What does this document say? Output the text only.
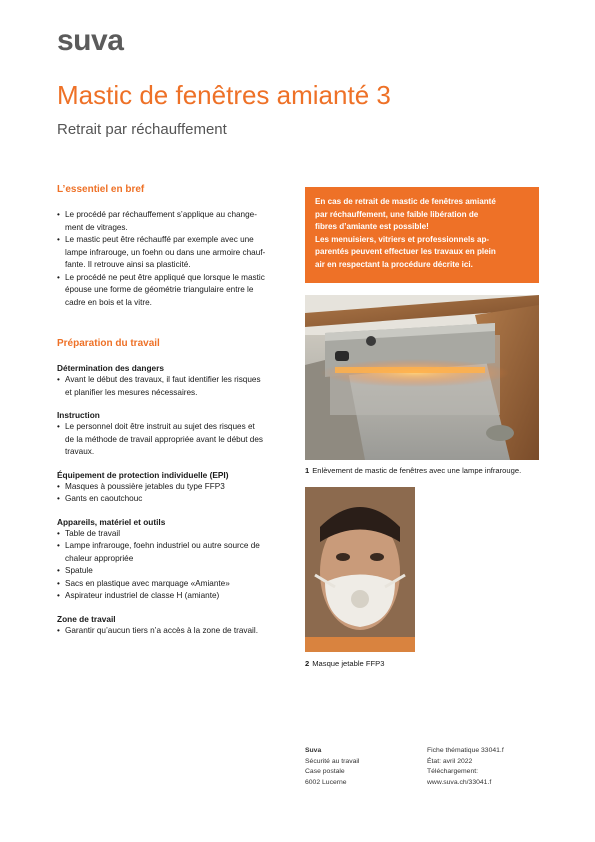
suva
Mastic de fenêtres amianté 3
Retrait par réchauffement
L’essentiel en bref
• Le procédé par réchauffement s’applique au change-
ment de vitrages.
• Le mastic peut être réchauffé par exemple avec une
lampe infrarouge, un foehn ou dans une armoire chauf-
fante. Il retrouve ainsi sa plasticité.
• Le procédé ne peut être appliqué que lorsque le mastic
épouse une forme de géométrie triangulaire entre le
cadre en bois et la vitre.
En cas de retrait de mastic de fenêtres amianté
par réchauffement, une faible libération de
fibres d’amiante est possible!
Les menuisiers, vitriers et professionnels ap-
parentés peuvent effectuer les travaux en plein
air en respectant la procédure décrite ici.
Préparation du travail
Détermination des dangers
• Avant le début des travaux, il faut identifier les risques
et planifier les mesures nécessaires.
Instruction
• Le personnel doit être instruit au sujet des risques et
de la méthode de travail appropriée avant le début des
travaux.
Équipement de protection individuelle (EPI)
• Masques à poussière jetables du type FFP3
• Gants en caoutchouc
Appareils, matériel et outils
• Table de travail
• Lampe infrarouge, foehn industriel ou autre source de
chaleur appropriée
• Spatule
• Sacs en plastique avec marquage «Amiante»
• Aspirateur industriel de classe H (amiante)
Zone de travail
• Garantir qu’aucun tiers n’a accès à la zone de travail.
1 Enlèvement de mastic de fenêtres avec une lampe infrarouge.
2 Masque jetable FFP3
Suva
Sécurité au travail
Case postale
6002 Lucerne
Fiche thématique 33041.f
État: avril 2022
Téléchargement:
www.suva.ch/33041.f
